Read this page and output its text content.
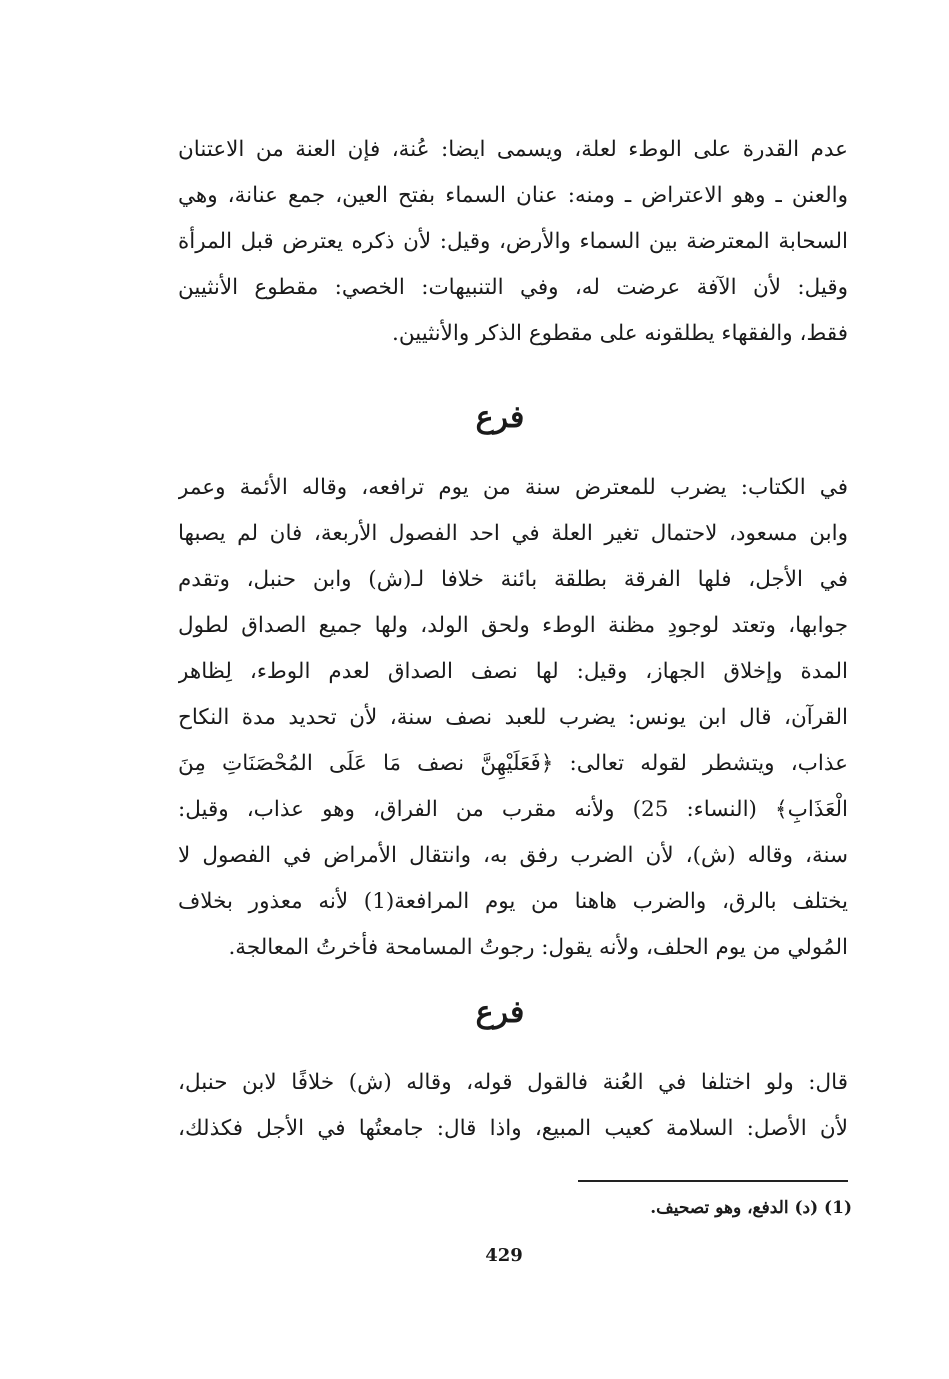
عدم القدرة على الوطء لعلة، ويسمى ايضا: عُنة، فإن العنة من الاعتنان
والعنن ـ وهو الاعتراض ـ ومنه: عنان السماء بفتح العين، جمع عنانة، وهي
السحابة المعترضة بين السماء والأرض، وقيل: لأن ذكره يعترض قبل المرأة
وقيل: لأن الآفة عرضت له، وفي التنبيهات: الخصي: مقطوع الأنثيين
فقط، والفقهاء يطلقونه على مقطوع الذكر والأنثيين.
فرع
في الكتاب: يضرب للمعترض سنة من يوم ترافعه، وقاله الأئمة وعمر
وابن مسعود، لاحتمال تغير العلة في احد الفصول الأربعة، فان لم يصبها
في الأجل، فلها الفرقة بطلقة بائنة خلافا لـ(ش) وابن حنبل، وتقدم
جوابها، وتعتد لوجودِ مظنة الوطء ولحق الولد، ولها جميع الصداق لطول
المدة وإخلاق الجهاز، وقيل: لها نصف الصداق لعدم الوطء، لِظاهر
القرآن، قال ابن يونس: يضرب للعبد نصف سنة، لأن تحديد مدة النكاح
عذاب، ويتشطر لقوله تعالى: ﴿فَعَلَيْهِنَّ نصف مَا عَلَى المُحْصَنَاتِ مِنَ
الْعَذَابِ﴾ (النساء: 25) ولأنه مقرب من الفراق، وهو عذاب، وقيل:
سنة، وقاله (ش)، لأن الضرب رفق به، وانتقال الأمراض في الفصول لا
يختلف بالرق، والضرب هاهنا من يوم المرافعة(1) لأنه معذور بخلاف
المُولي من يوم الحلف، ولأنه يقول: رجوتُ المسامحة فأخرتُ المعالجة.
فرع
قال: ولو اختلفا في العُنة فالقول قوله، وقاله (ش) خلافًا لابن حنبل،
لأن الأصل: السلامة كعيب المبيع، واذا قال: جامعتُها في الأجل فكذلك،
(1) (د) الدفع، وهو تصحيف.
429
